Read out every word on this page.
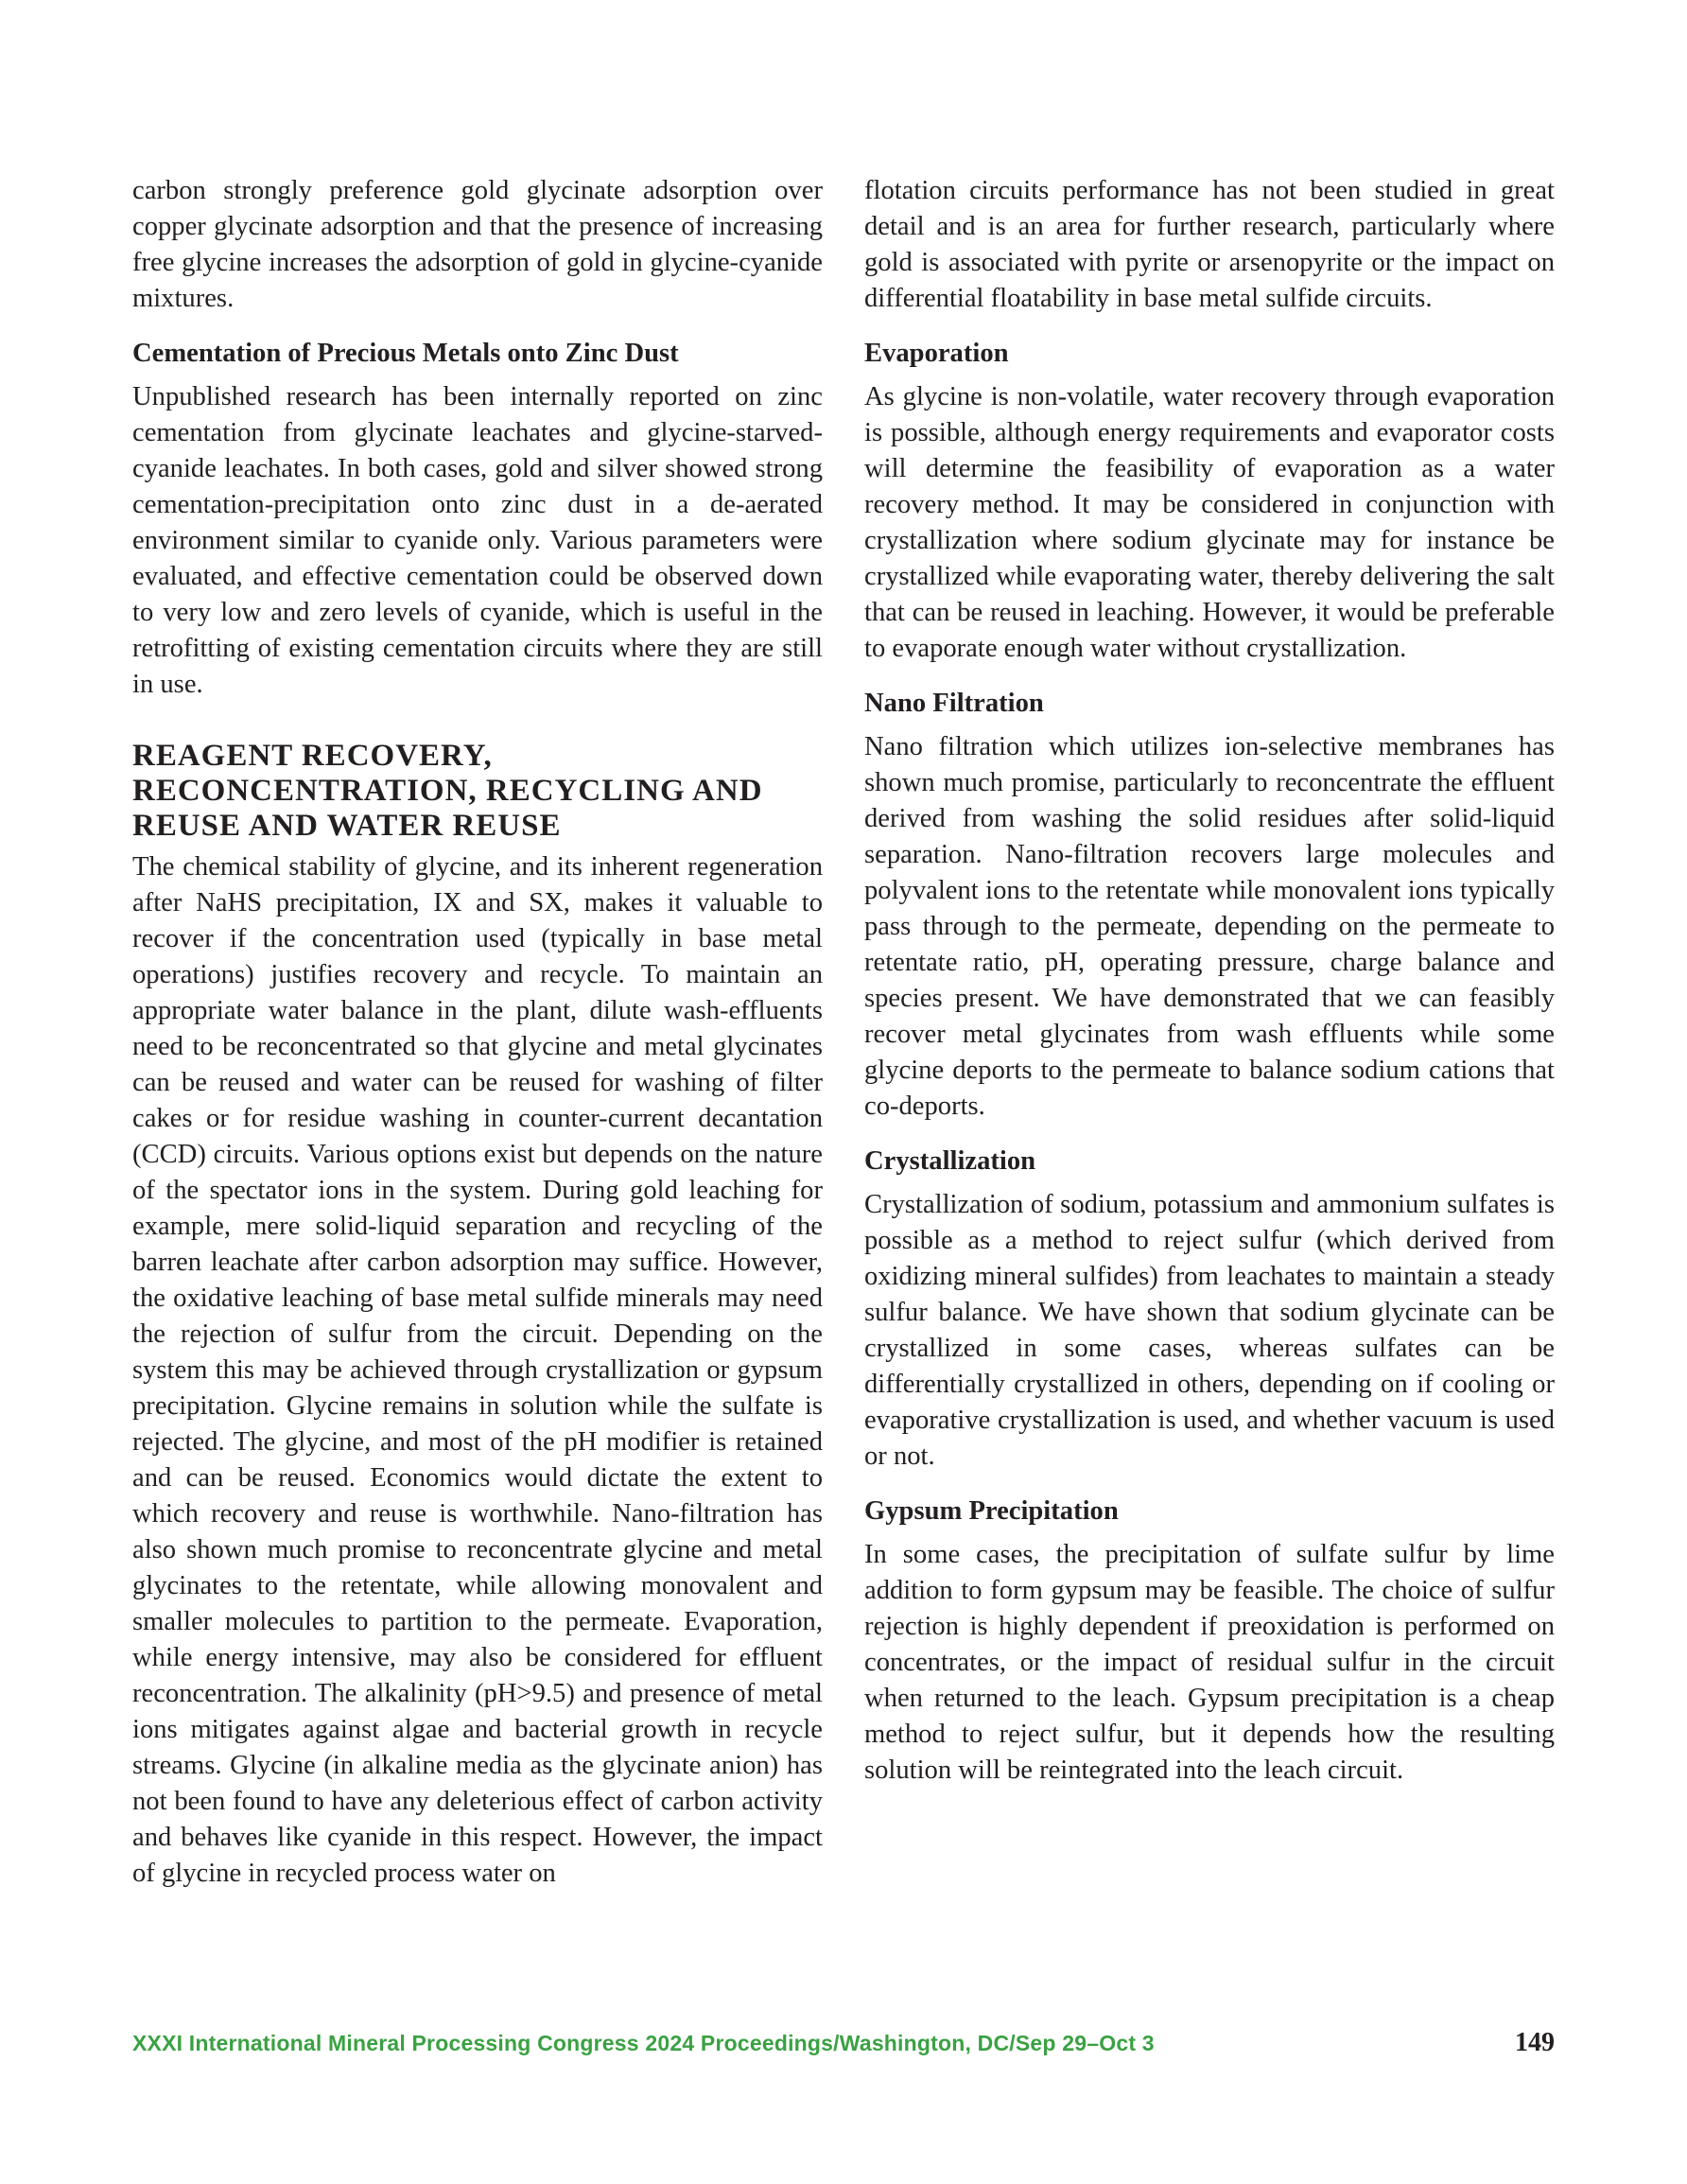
carbon strongly preference gold glycinate adsorption over copper glycinate adsorption and that the presence of increasing free glycine increases the adsorption of gold in glycine-cyanide mixtures.

Cementation of Precious Metals onto Zinc Dust

Unpublished research has been internally reported on zinc cementation from glycinate leachates and glycine-starved-cyanide leachates. In both cases, gold and silver showed strong cementation-precipitation onto zinc dust in a de-aerated environment similar to cyanide only. Various parameters were evaluated, and effective cementation could be observed down to very low and zero levels of cyanide, which is useful in the retrofitting of existing cementation circuits where they are still in use.

REAGENT RECOVERY, RECONCENTRATION, RECYCLING AND REUSE AND WATER REUSE

The chemical stability of glycine, and its inherent regeneration after NaHS precipitation, IX and SX, makes it valuable to recover if the concentration used (typically in base metal operations) justifies recovery and recycle. To maintain an appropriate water balance in the plant, dilute wash-effluents need to be reconcentrated so that glycine and metal glycinates can be reused and water can be reused for washing of filter cakes or for residue washing in counter-current decantation (CCD) circuits. Various options exist but depends on the nature of the spectator ions in the system. During gold leaching for example, mere solid-liquid separation and recycling of the barren leachate after carbon adsorption may suffice. However, the oxidative leaching of base metal sulfide minerals may need the rejection of sulfur from the circuit. Depending on the system this may be achieved through crystallization or gypsum precipitation. Glycine remains in solution while the sulfate is rejected. The glycine, and most of the pH modifier is retained and can be reused. Economics would dictate the extent to which recovery and reuse is worthwhile. Nano-filtration has also shown much promise to reconcentrate glycine and metal glycinates to the retentate, while allowing monovalent and smaller molecules to partition to the permeate. Evaporation, while energy intensive, may also be considered for effluent reconcentration. The alkalinity (pH>9.5) and presence of metal ions mitigates against algae and bacterial growth in recycle streams. Glycine (in alkaline media as the glycinate anion) has not been found to have any deleterious effect of carbon activity and behaves like cyanide in this respect. However, the impact of glycine in recycled process water on

flotation circuits performance has not been studied in great detail and is an area for further research, particularly where gold is associated with pyrite or arsenopyrite or the impact on differential floatability in base metal sulfide circuits.

Evaporation

As glycine is non-volatile, water recovery through evaporation is possible, although energy requirements and evaporator costs will determine the feasibility of evaporation as a water recovery method. It may be considered in conjunction with crystallization where sodium glycinate may for instance be crystallized while evaporating water, thereby delivering the salt that can be reused in leaching. However, it would be preferable to evaporate enough water without crystallization.

Nano Filtration

Nano filtration which utilizes ion-selective membranes has shown much promise, particularly to reconcentrate the effluent derived from washing the solid residues after solid-liquid separation. Nano-filtration recovers large molecules and polyvalent ions to the retentate while monovalent ions typically pass through to the permeate, depending on the permeate to retentate ratio, pH, operating pressure, charge balance and species present. We have demonstrated that we can feasibly recover metal glycinates from wash effluents while some glycine deports to the permeate to balance sodium cations that co-deports.

Crystallization

Crystallization of sodium, potassium and ammonium sulfates is possible as a method to reject sulfur (which derived from oxidizing mineral sulfides) from leachates to maintain a steady sulfur balance. We have shown that sodium glycinate can be crystallized in some cases, whereas sulfates can be differentially crystallized in others, depending on if cooling or evaporative crystallization is used, and whether vacuum is used or not.

Gypsum Precipitation

In some cases, the precipitation of sulfate sulfur by lime addition to form gypsum may be feasible. The choice of sulfur rejection is highly dependent if preoxidation is performed on concentrates, or the impact of residual sulfur in the circuit when returned to the leach. Gypsum precipitation is a cheap method to reject sulfur, but it depends how the resulting solution will be reintegrated into the leach circuit.

XXXI International Mineral Processing Congress 2024 Proceedings/Washington, DC/Sep 29–Oct 3	149
